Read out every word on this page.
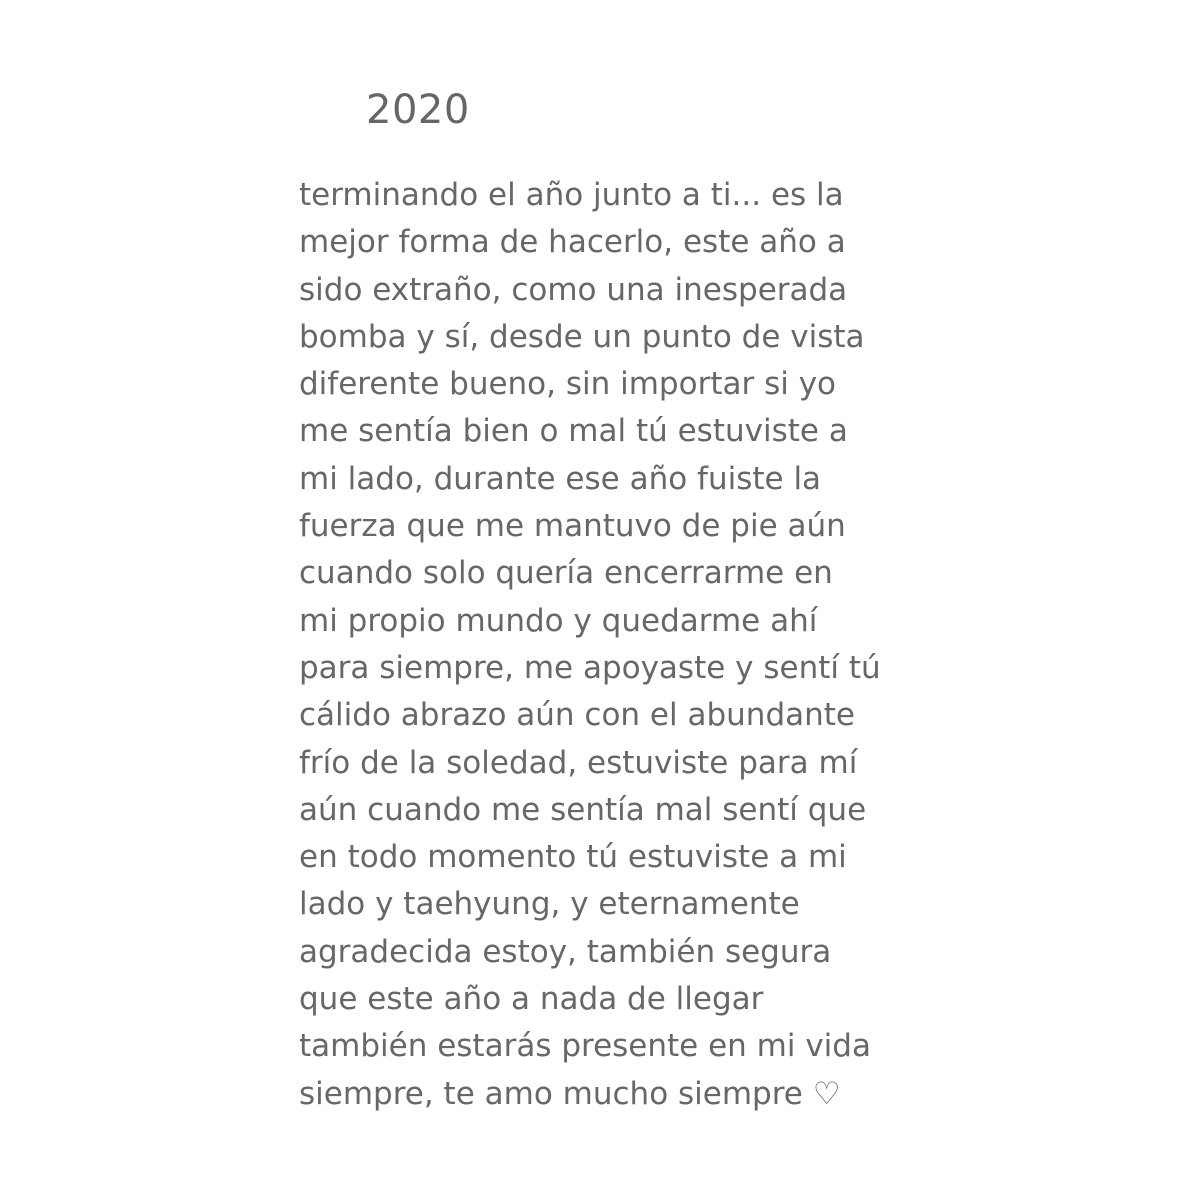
2020
terminando el año junto a ti... es la
mejor forma de hacerlo, este año a
sido extraño, como una inesperada
bomba y sí, desde un punto de vista
diferente bueno, sin importar si yo
me sentía bien o mal tú estuviste a
mi lado, durante ese año fuiste la
fuerza que me mantuvo de pie aún
cuando solo quería encerrarme en
mi propio mundo y quedarme ahí
para siempre, me apoyaste y sentí tú
cálido abrazo aún con el abundante
frío de la soledad, estuviste para mí
aún cuando me sentía mal sentí que
en todo momento tú estuviste a mi
lado y taehyung, y eternamente
agradecida estoy, también segura
que este año a nada de llegar
también estarás presente en mi vida
siempre, te amo mucho siempre ♡
